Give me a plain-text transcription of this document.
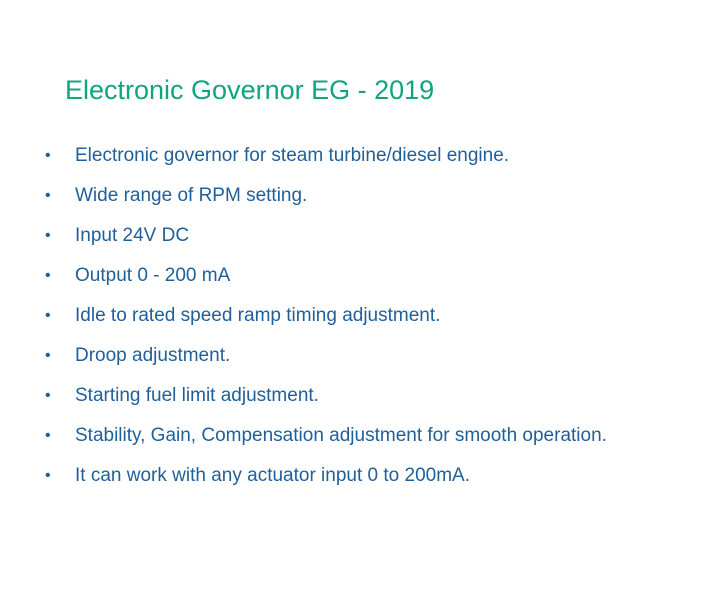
Electronic Governor EG - 2019
• Electronic governor for steam turbine/diesel engine.
• Wide range of RPM setting.
• Input 24V DC
• Output 0 - 200 mA
• Idle to rated speed ramp timing adjustment.
• Droop adjustment.
• Starting fuel limit adjustment.
• Stability, Gain, Compensation adjustment for smooth operation.
• It can work with any actuator input 0 to 200mA.
